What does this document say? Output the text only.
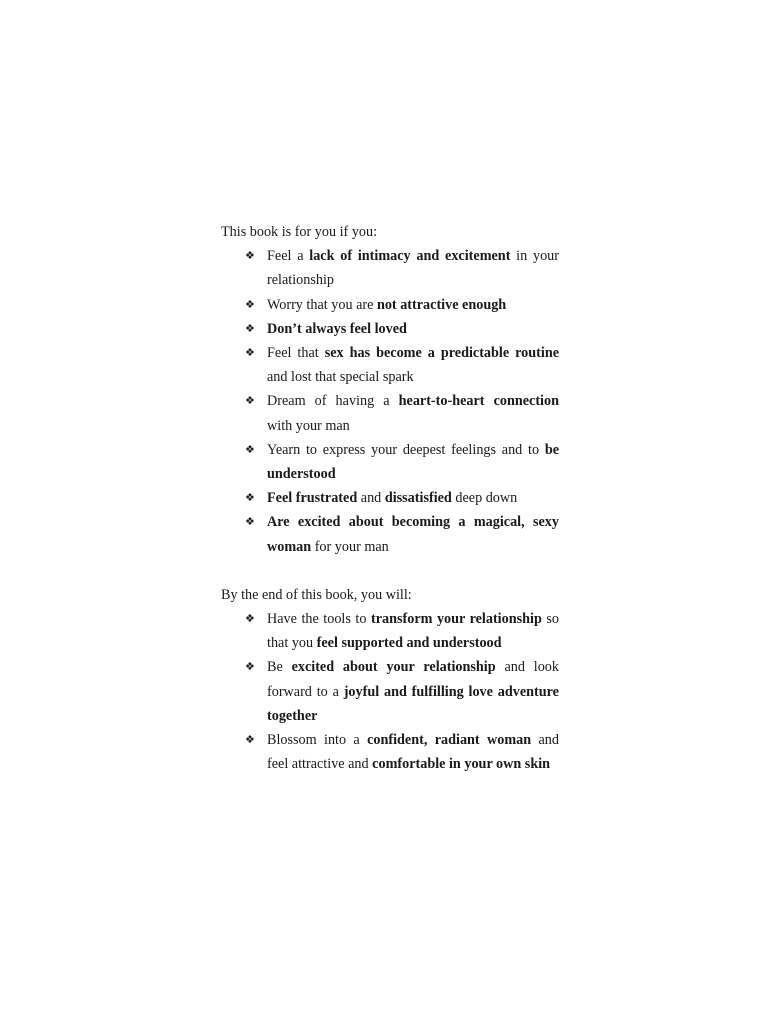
This book is for you if you:

❖ Feel a lack of intimacy and excitement in your relationship
❖ Worry that you are not attractive enough
❖ Don’t always feel loved
❖ Feel that sex has become a predictable routine and lost that special spark
❖ Dream of having a heart-to-heart connection with your man
❖ Yearn to express your deepest feelings and to be understood
❖ Feel frustrated and dissatisfied deep down
❖ Are excited about becoming a magical, sexy woman for your man

By the end of this book, you will:

❖ Have the tools to transform your relationship so that you feel supported and understood
❖ Be excited about your relationship and look forward to a joyful and fulfilling love adventure together
❖ Blossom into a confident, radiant woman and feel attractive and comfortable in your own skin
